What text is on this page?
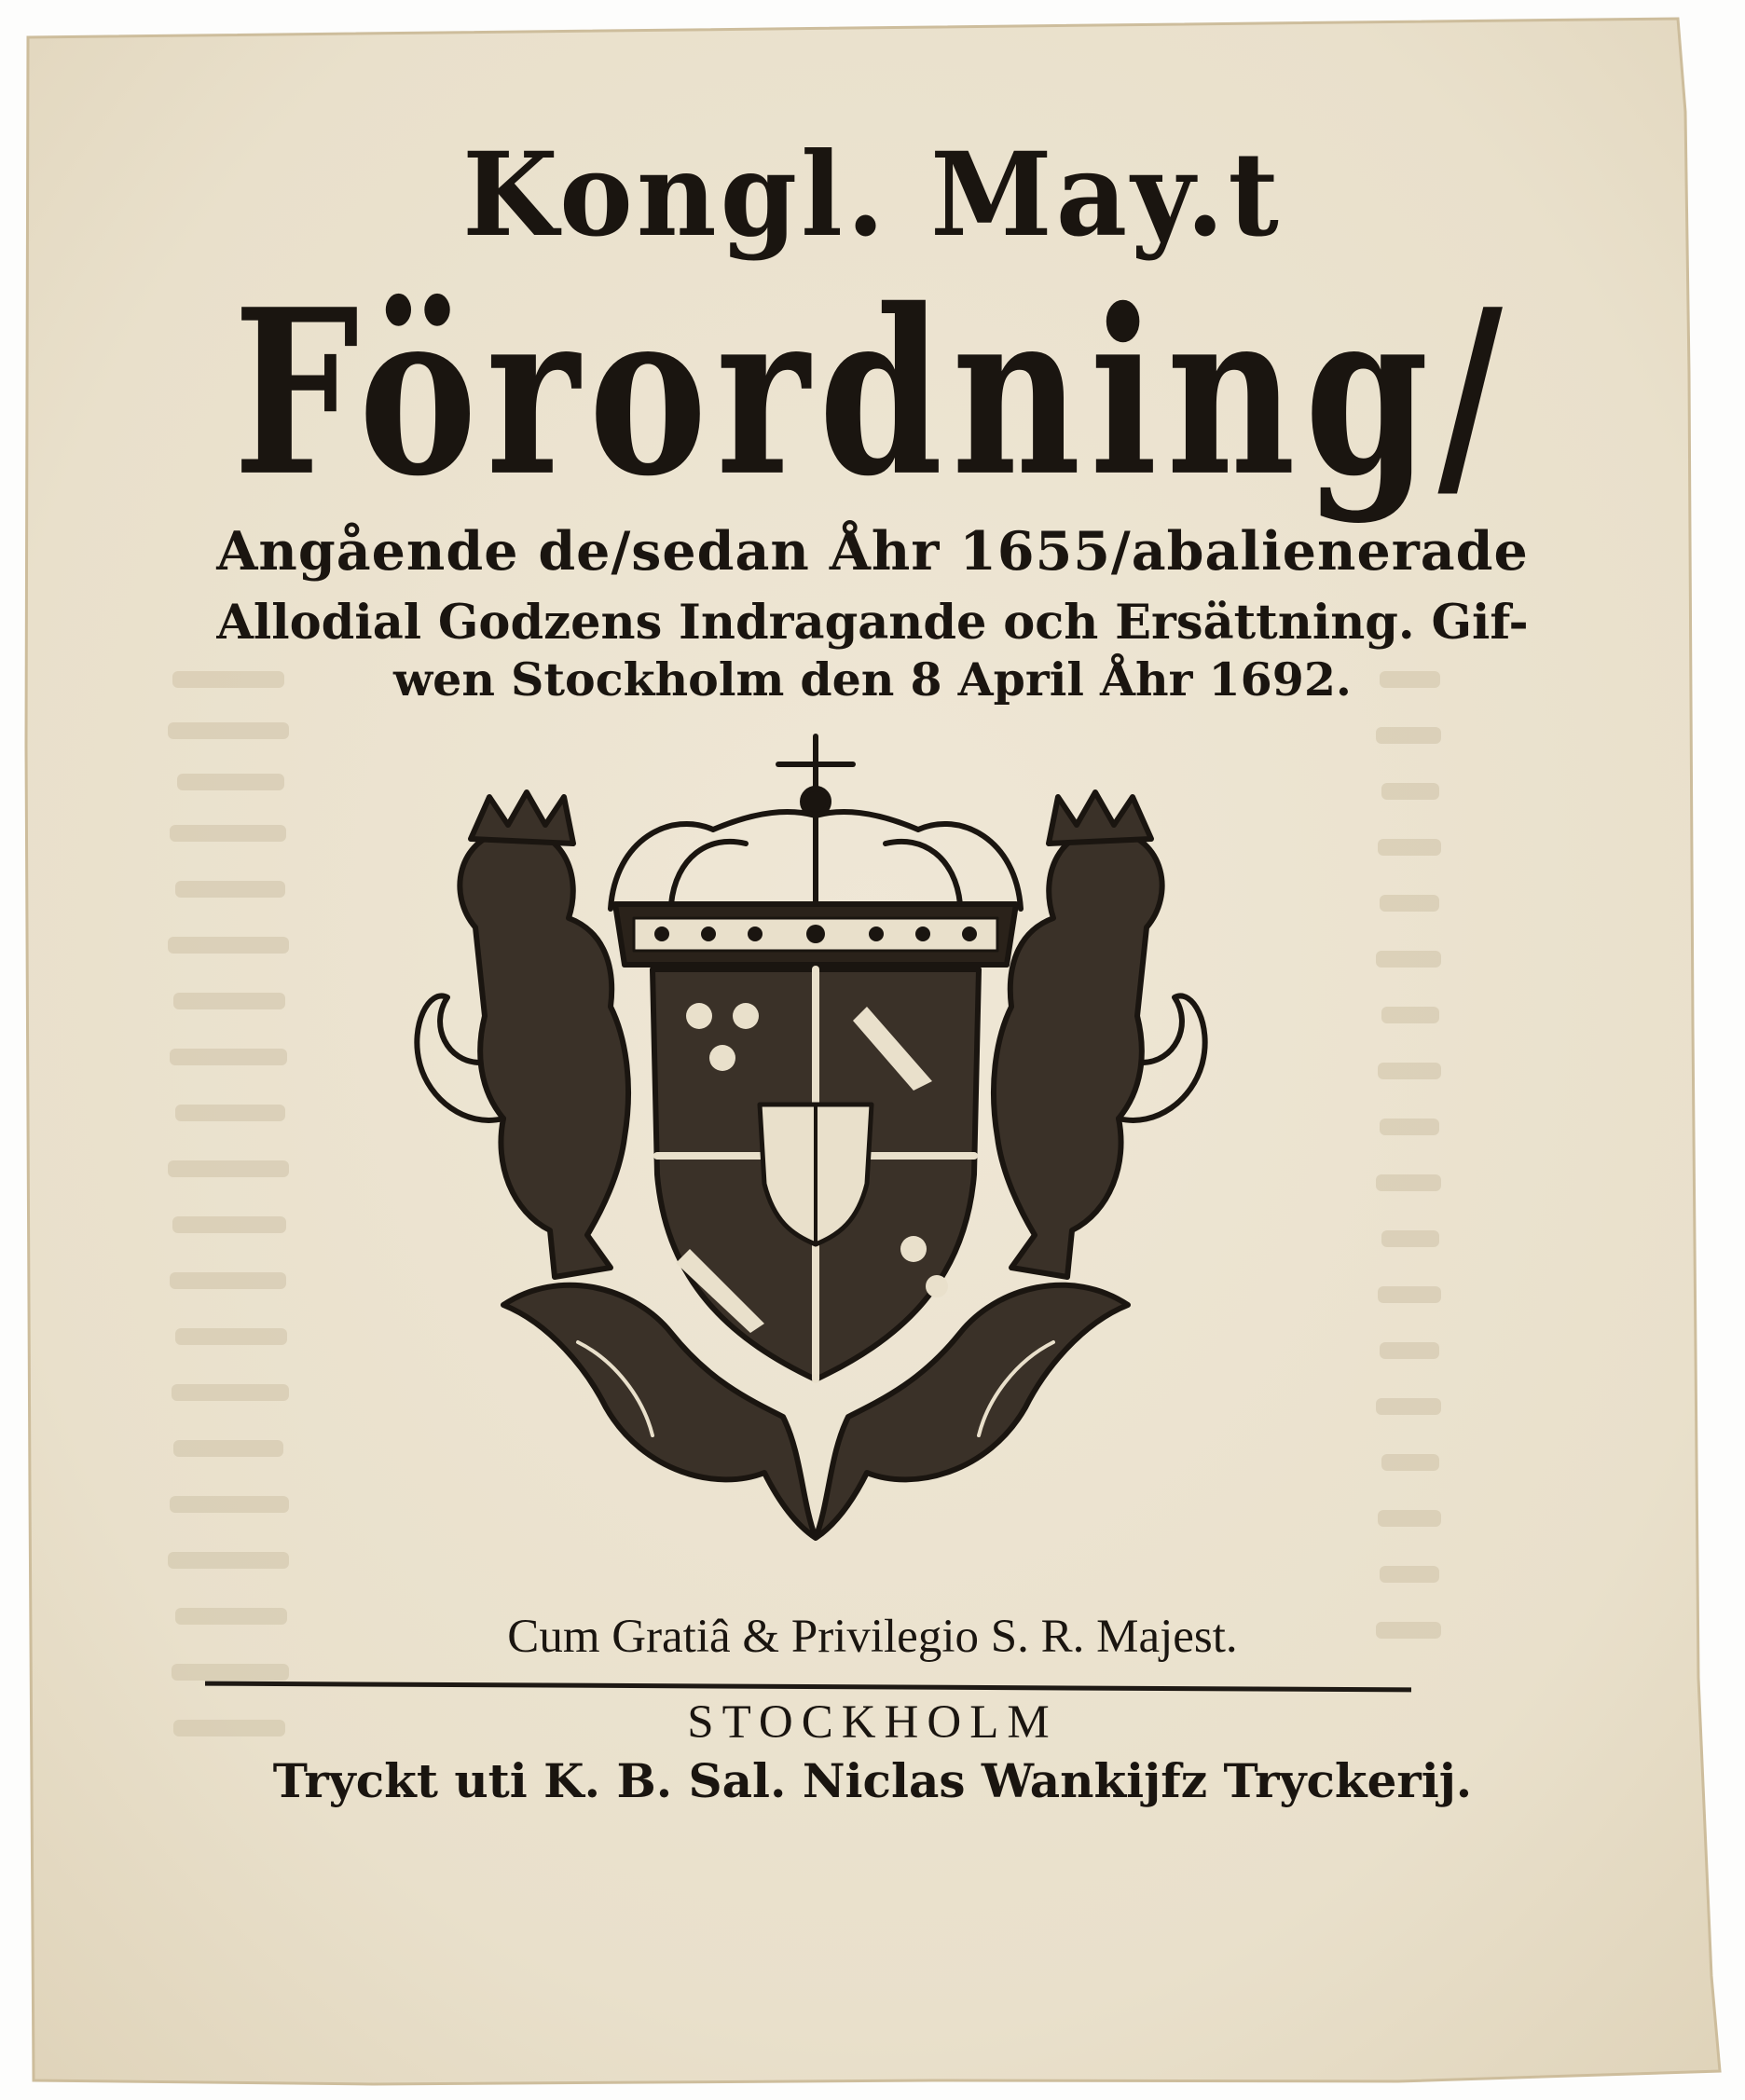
Kongl. May.t
Förordning/
Angående de/sedan Åhr 1655/abalienerade
Allodial Godzens Indragande och Ersättning. Gif-
wen Stockholm den 8 April Åhr 1692.
Cum Gratiâ & Privilegio S. R. Majest.
STOCKHOLM
Tryckt uti K. B. Sal. Niclas Wankijfz Tryckerij.
